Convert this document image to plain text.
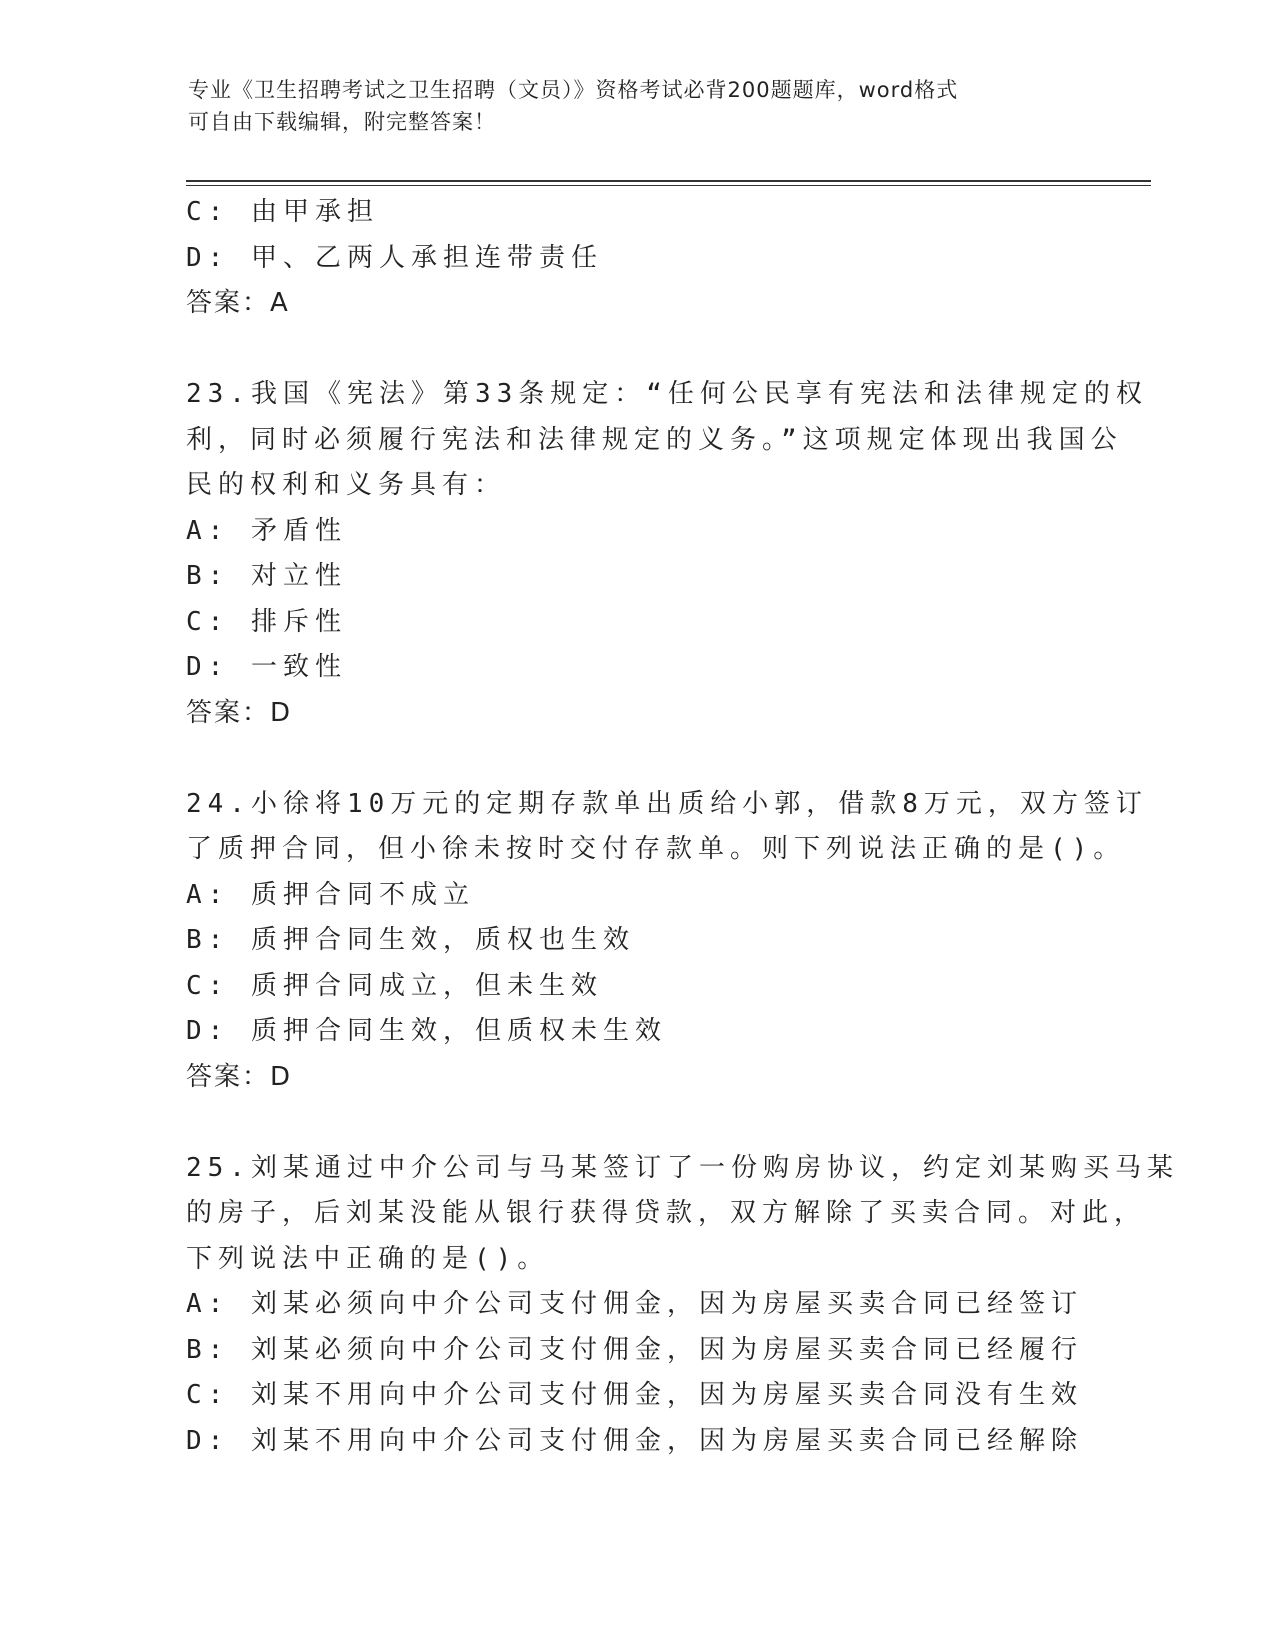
专业《卫生招聘考试之卫生招聘（文员）》资格考试必背200题题库，word格式
可自由下载编辑，附完整答案！
C: 由甲承担
D: 甲、乙两人承担连带责任
答案：A
23.我国《宪法》第33条规定：“任何公民享有宪法和法律规定的权
利，同时必须履行宪法和法律规定的义务。”这项规定体现出我国公
民的权利和义务具有：
A: 矛盾性
B: 对立性
C: 排斥性
D: 一致性
答案：D
24.小徐将10万元的定期存款单出质给小郭，借款8万元，双方签订
了质押合同，但小徐未按时交付存款单。则下列说法正确的是()。
A: 质押合同不成立
B: 质押合同生效，质权也生效
C: 质押合同成立，但未生效
D: 质押合同生效，但质权未生效
答案：D
25.刘某通过中介公司与马某签订了一份购房协议，约定刘某购买马某
的房子，后刘某没能从银行获得贷款，双方解除了买卖合同。对此，
下列说法中正确的是()。
A: 刘某必须向中介公司支付佣金，因为房屋买卖合同已经签订
B: 刘某必须向中介公司支付佣金，因为房屋买卖合同已经履行
C: 刘某不用向中介公司支付佣金，因为房屋买卖合同没有生效
D: 刘某不用向中介公司支付佣金，因为房屋买卖合同已经解除
